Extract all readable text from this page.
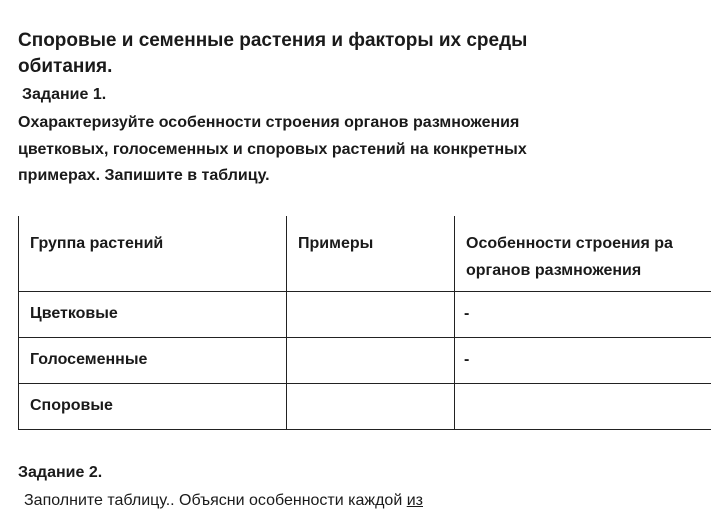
Споровые и семенные растения и факторы их среды обитания.

Задание 1.

Охарактеризуйте особенности строения органов размножения
цветковых, голосеменных и споровых растений на конкретных
примерах. Запишите в таблицу.

Группа растений	Примеры	Особенности строения ра органов размножения
Цветковые		-
Голосеменные		-
Споровые		

Задание 2.

Заполните таблицу.. Объясни особенности каждой из
